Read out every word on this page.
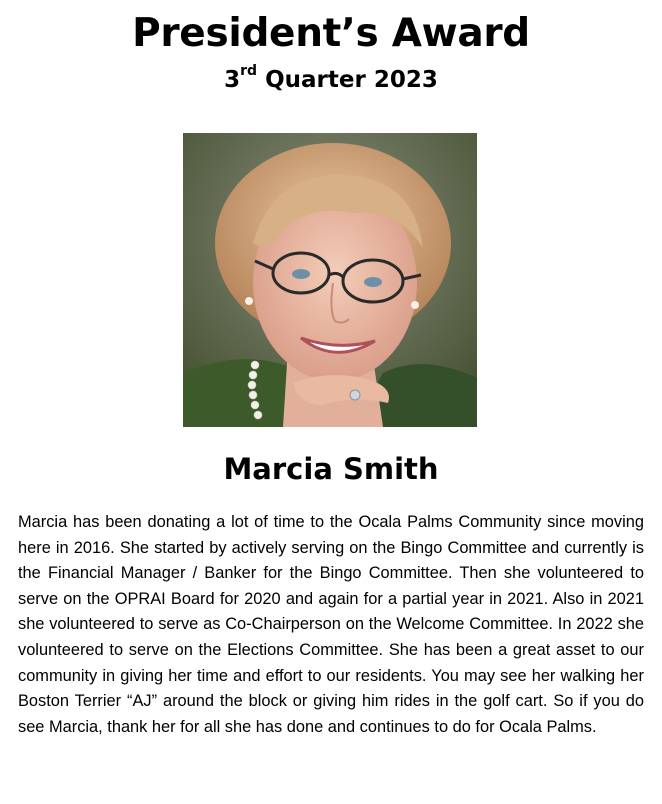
President’s Award
3rd Quarter 2023
Marcia Smith

Marcia has been donating a lot of time to the Ocala Palms Community since moving here in 2016. She started by actively serving on the Bingo Committee and currently is the Financial Manager / Banker for the Bingo Committee. Then she volunteered to serve on the OPRAI Board for 2020 and again for a partial year in 2021. Also in 2021 she volunteered to serve as Co-Chairperson on the Welcome Committee. In 2022 she volunteered to serve on the Elections Committee. She has been a great asset to our community in giving her time and effort to our residents. You may see her walking her Boston Terrier “AJ” around the block or giving him rides in the golf cart. So if you do see Marcia, thank her for all she has done and continues to do for Ocala Palms.
